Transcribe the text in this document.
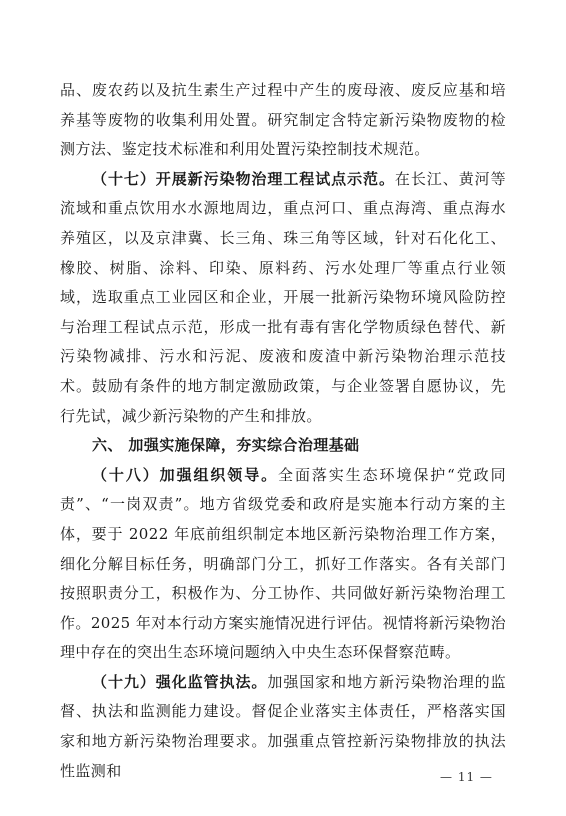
品、废农药以及抗生素生产过程中产生的废母液、废反应基和培养基等废物的收集利用处置。研究制定含特定新污染物废物的检测方法、鉴定技术标准和利用处置污染控制技术规范。

（十七）开展新污染物治理工程试点示范。在长江、黄河等流域和重点饮用水水源地周边，重点河口、重点海湾、重点海水养殖区，以及京津冀、长三角、珠三角等区域，针对石化化工、橡胶、树脂、涂料、印染、原料药、污水处理厂等重点行业领域，选取重点工业园区和企业，开展一批新污染物环境风险防控与治理工程试点示范，形成一批有毒有害化学物质绿色替代、新污染物减排、污水和污泥、废液和废渣中新污染物治理示范技术。鼓励有条件的地方制定激励政策，与企业签署自愿协议，先行先试，减少新污染物的产生和排放。

六、 加强实施保障，夯实综合治理基础

（十八）加强组织领导。全面落实生态环境保护“党政同责”、“一岗双责”。地方省级党委和政府是实施本行动方案的主体，要于 2022 年底前组织制定本地区新污染物治理工作方案，细化分解目标任务，明确部门分工，抓好工作落实。各有关部门按照职责分工，积极作为、分工协作、共同做好新污染物治理工作。2025 年对本行动方案实施情况进行评估。视情将新污染物治理中存在的突出生态环境问题纳入中央生态环保督察范畴。

（十九）强化监管执法。加强国家和地方新污染物治理的监督、执法和监测能力建设。督促企业落实主体责任，严格落实国家和地方新污染物治理要求。加强重点管控新污染物排放的执法性监测和	— 11 —
